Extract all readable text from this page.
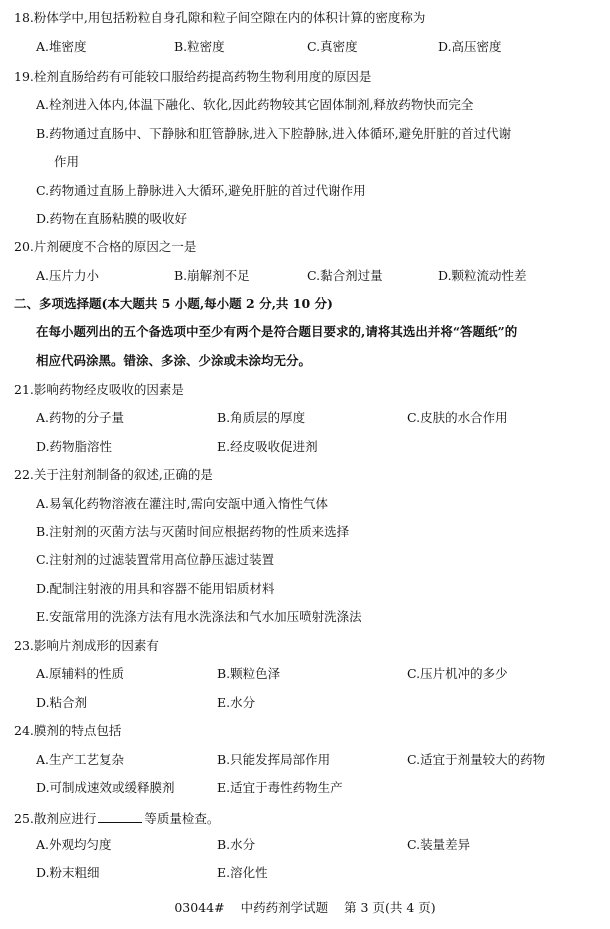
18.粉体学中,用包括粉粒自身孔隙和粒子间空隙在内的体积计算的密度称为
A.堆密度	B.粒密度	C.真密度	D.高压密度
19.栓剂直肠给药有可能较口服给药提高药物生物利用度的原因是
A.栓剂进入体内,体温下融化、软化,因此药物较其它固体制剂,释放药物快而完全
B.药物通过直肠中、下静脉和肛管静脉,进入下腔静脉,进入体循环,避免肝脏的首过代谢
作用
C.药物通过直肠上静脉进入大循环,避免肝脏的首过代谢作用
D.药物在直肠粘膜的吸收好
20.片剂硬度不合格的原因之一是
A.压片力小	B.崩解剂不足	C.黏合剂过量	D.颗粒流动性差
二、多项选择题(本大题共 5 小题,每小题 2 分,共 10 分)
在每小题列出的五个备选项中至少有两个是符合题目要求的,请将其选出并将“答题纸”的
相应代码涂黑。错涂、多涂、少涂或未涂均无分。
21.影响药物经皮吸收的因素是
A.药物的分子量	B.角质层的厚度	C.皮肤的水合作用
D.药物脂溶性	E.经皮吸收促进剂
22.关于注射剂制备的叙述,正确的是
A.易氧化药物溶液在灌注时,需向安瓿中通入惰性气体
B.注射剂的灭菌方法与灭菌时间应根据药物的性质来选择
C.注射剂的过滤装置常用高位静压滤过装置
D.配制注射液的用具和容器不能用铝质材料
E.安瓿常用的洗涤方法有甩水洗涤法和气水加压喷射洗涤法
23.影响片剂成形的因素有
A.原辅料的性质	B.颗粒色泽	C.压片机冲的多少
D.粘合剂	E.水分
24.膜剂的特点包括
A.生产工艺复杂	B.只能发挥局部作用	C.适宜于剂量较大的药物
D.可制成速效或缓释膜剂	E.适宜于毒性药物生产
25.散剂应进行	等质量检查。
A.外观均匀度	B.水分	C.装量差异
D.粉末粗细	E.溶化性
03044# 中药药剂学试题 第 3 页(共 4 页)
